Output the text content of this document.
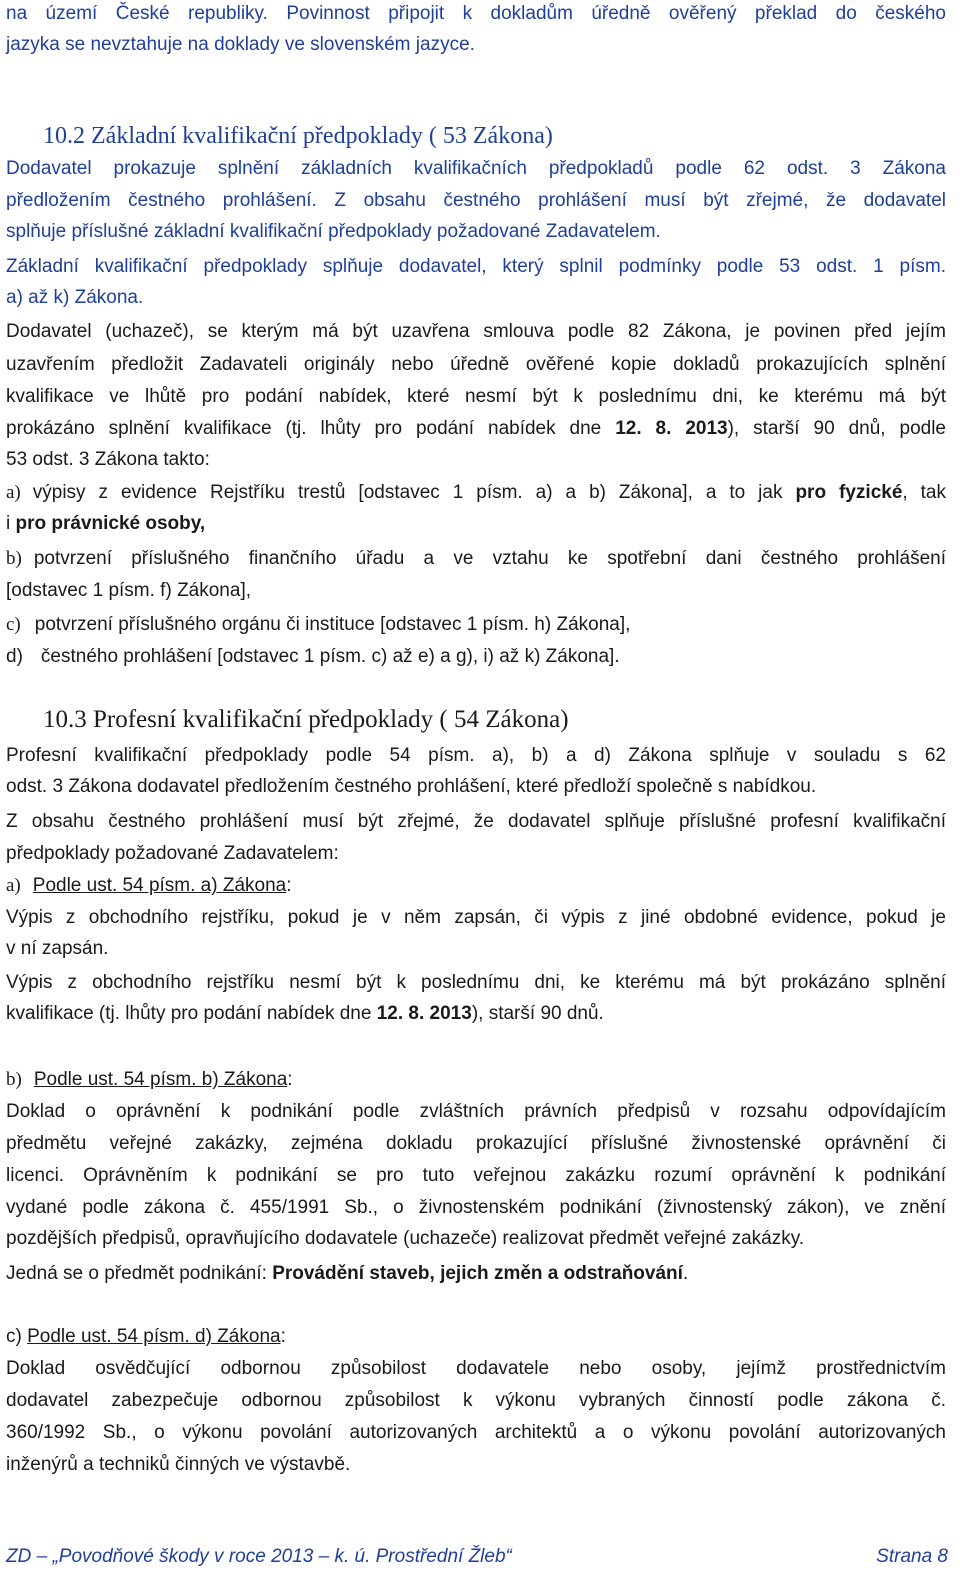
na území České republiky. Povinnost připojit k dokladům úředně ověřený překlad do českého
jazyka se nevztahuje na doklady ve slovenském jazyce.
10.2 Základní kvalifikační předpoklady ( 53 Zákona)
Dodavatel prokazuje splnění základních kvalifikačních předpokladů podle 62 odst. 3 Zákona
předložením čestného prohlášení. Z obsahu čestného prohlášení musí být zřejmé, že dodavatel
splňuje příslušné základní kvalifikační předpoklady požadované Zadavatelem.
Základní kvalifikační předpoklady splňuje dodavatel, který splnil podmínky podle 53 odst. 1 písm.
a) až k) Zákona.
Dodavatel (uchazeč), se kterým má být uzavřena smlouva podle 82 Zákona, je povinen před jejím
uzavřením předložit Zadavateli originály nebo úředně ověřené kopie dokladů prokazujících splnění
kvalifikace ve lhůtě pro podání nabídek, které nesmí být k poslednímu dni, ke kterému má být
prokázáno splnění kvalifikace (tj. lhůty pro podání nabídek dne 12. 8. 2013), starší 90 dnů, podle
53 odst. 3 Zákona takto:
a) výpisy z evidence Rejstříku trestů [odstavec 1 písm. a) a b) Zákona], a to jak pro fyzické, tak
i pro právnické osoby,
b) potvrzení příslušného finančního úřadu a ve vztahu ke spotřební dani čestného prohlášení
[odstavec 1 písm. f) Zákona],
c) potvrzení příslušného orgánu či instituce [odstavec 1 písm. h) Zákona],
d) čestného prohlášení [odstavec 1 písm. c) až e) a g), i) až k) Zákona].
10.3 Profesní kvalifikační předpoklady ( 54 Zákona)
Profesní kvalifikační předpoklady podle 54 písm. a), b) a d) Zákona splňuje v souladu s 62
odst. 3 Zákona dodavatel předložením čestného prohlášení, které předloží společně s nabídkou.
Z obsahu čestného prohlášení musí být zřejmé, že dodavatel splňuje příslušné profesní kvalifikační
předpoklady požadované Zadavatelem:
a) Podle ust. 54 písm. a) Zákona:
Výpis z obchodního rejstříku, pokud je v něm zapsán, či výpis z jiné obdobné evidence, pokud je
v ní zapsán.
Výpis z obchodního rejstříku nesmí být k poslednímu dni, ke kterému má být prokázáno splnění
kvalifikace (tj. lhůty pro podání nabídek dne 12. 8. 2013), starší 90 dnů.
b) Podle ust. 54 písm. b) Zákona:
Doklad o oprávnění k podnikání podle zvláštních právních předpisů v rozsahu odpovídajícím
předmětu veřejné zakázky, zejména dokladu prokazující příslušné živnostenské oprávnění či
licenci. Oprávněním k podnikání se pro tuto veřejnou zakázku rozumí oprávnění k podnikání
vydané podle zákona č. 455/1991 Sb., o živnostenském podnikání (živnostenský zákon), ve znění
pozdějších předpisů, opravňujícího dodavatele (uchazeče) realizovat předmět veřejné zakázky.
Jedná se o předmět podnikání: Provádění staveb, jejich změn a odstraňování.
c) Podle ust. 54 písm. d) Zákona:
Doklad osvědčující odbornou způsobilost dodavatele nebo osoby, jejímž prostřednictvím
dodavatel zabezpečuje odbornou způsobilost k výkonu vybraných činností podle zákona č.
360/1992 Sb., o výkonu povolání autorizovaných architektů a o výkonu povolání autorizovaných
inženýrů a techniků činných ve výstavbě.
ZD – „Povodňové škody v roce 2013 – k. ú. Prostřední Žleb“	Strana 8
